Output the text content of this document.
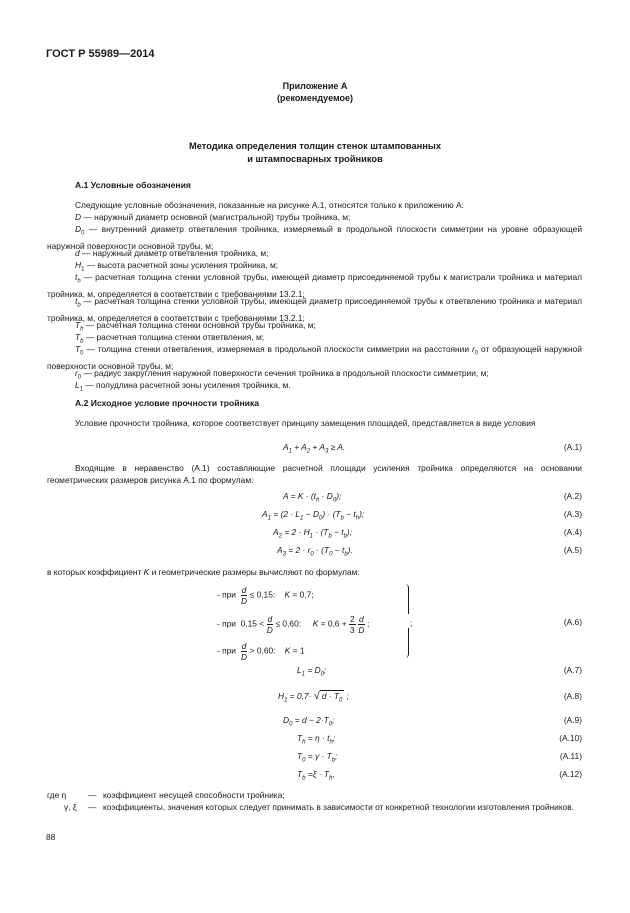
ГОСТ Р 55989—2014
Приложение А
(рекомендуемое)
Методика определения толщин стенок штампованных
и штампосварных тройников
А.1 Условные обозначения
Следующие условные обозначения, показанные на рисунке А.1, относятся только к приложению А:
D — наружный диаметр основной (магистральной) трубы тройника, м;
$D_0$ — внутренний диаметр ответвления тройника, измеряемый в продольной плоскости симметрии на уровне образующей наружной поверхности основной трубы, м;
d — наружный диаметр ответвления тройника, м;
$H_1$ — высота расчетной зоны усиления тройника, м;
$t_h$ — расчетная толщина стенки условной трубы, имеющей диаметр присоединяемой трубы к магистрали тройника и материал тройника, м, определяется в соответствии с требованиями 13.2.1;
$t_b$ — расчетная толщина стенки условной трубы, имеющей диаметр присоединяемой трубы к ответвлению тройника и материал тройника, м, определяется в соответствии с требованиями 13.2.1;
$T_h$ — расчетная толщина стенки основной трубы тройника, м;
$T_b$ — расчетная толщина стенки ответвления, м;
$T_0$ — толщина стенки ответвления, измеряемая в продольной плоскости симметрии на расстоянии $r_0$ от образующей наружной поверхности основной трубы, м;
$r_0$ — радиус закругления наружной поверхности сечения тройника в продольной плоскости симметрии, м;
$L_1$ — полудлина расчетной зоны усиления тройника, м.
А.2 Исходное условие прочности тройника
Условие прочности тройника, которое соответствует принципу замещения площадей, представляется в виде условия
$A_1 + A_2 + A_3 \ge A$.	(А.1)
Входящие в неравенство (А.1) составляющие расчетной площади усиления тройника определяются на основании геометрических размеров рисунка А.1 по формулам:
$A = K \cdot (t_h \cdot D_0)$;	(А.2)
$A_1 = (2 \cdot L_1 - D_0) \cdot (T_b - t_h)$;	(А.3)
$A_2 = 2 \cdot H_1 \cdot (T_b - t_b)$;	(А.4)
$A_3 = 2 \cdot r_0 \cdot (T_0 - t_b)$.	(А.5)
в которых коэффициент K и геометрические размеры вычисляют по формулам:
- при $\frac{d}{D} \le 0,15$:    K = 0,7;
- при  $0,15 < \frac{d}{D} \le 0,60$:     $K = 0,6 + \frac{2}{3}$
$\frac{d}{D}$ ;
- при $\frac{d}{D} > 0,60$:    K = 1
;	(А.6)
$L_1 = D_0$;	(А.7)
$H_1 = 0,7\cdot$ √ $d \cdot T_0$ ;	(А.8)
$D_0 = d - 2\cdot T_0$;	(А.9)
$T_h = \eta \cdot t_h$;	(А.10)
$T_0 = \gamma \cdot T_b$;	(А.11)
$T_b =\xi \cdot T_h$,	(А.12)
где η	— коэффициент несущей способности тройника;
γ, ξ — коэффициенты, значения которых следует принимать в зависимости от конкретной технологии изготовления тройников.
88
